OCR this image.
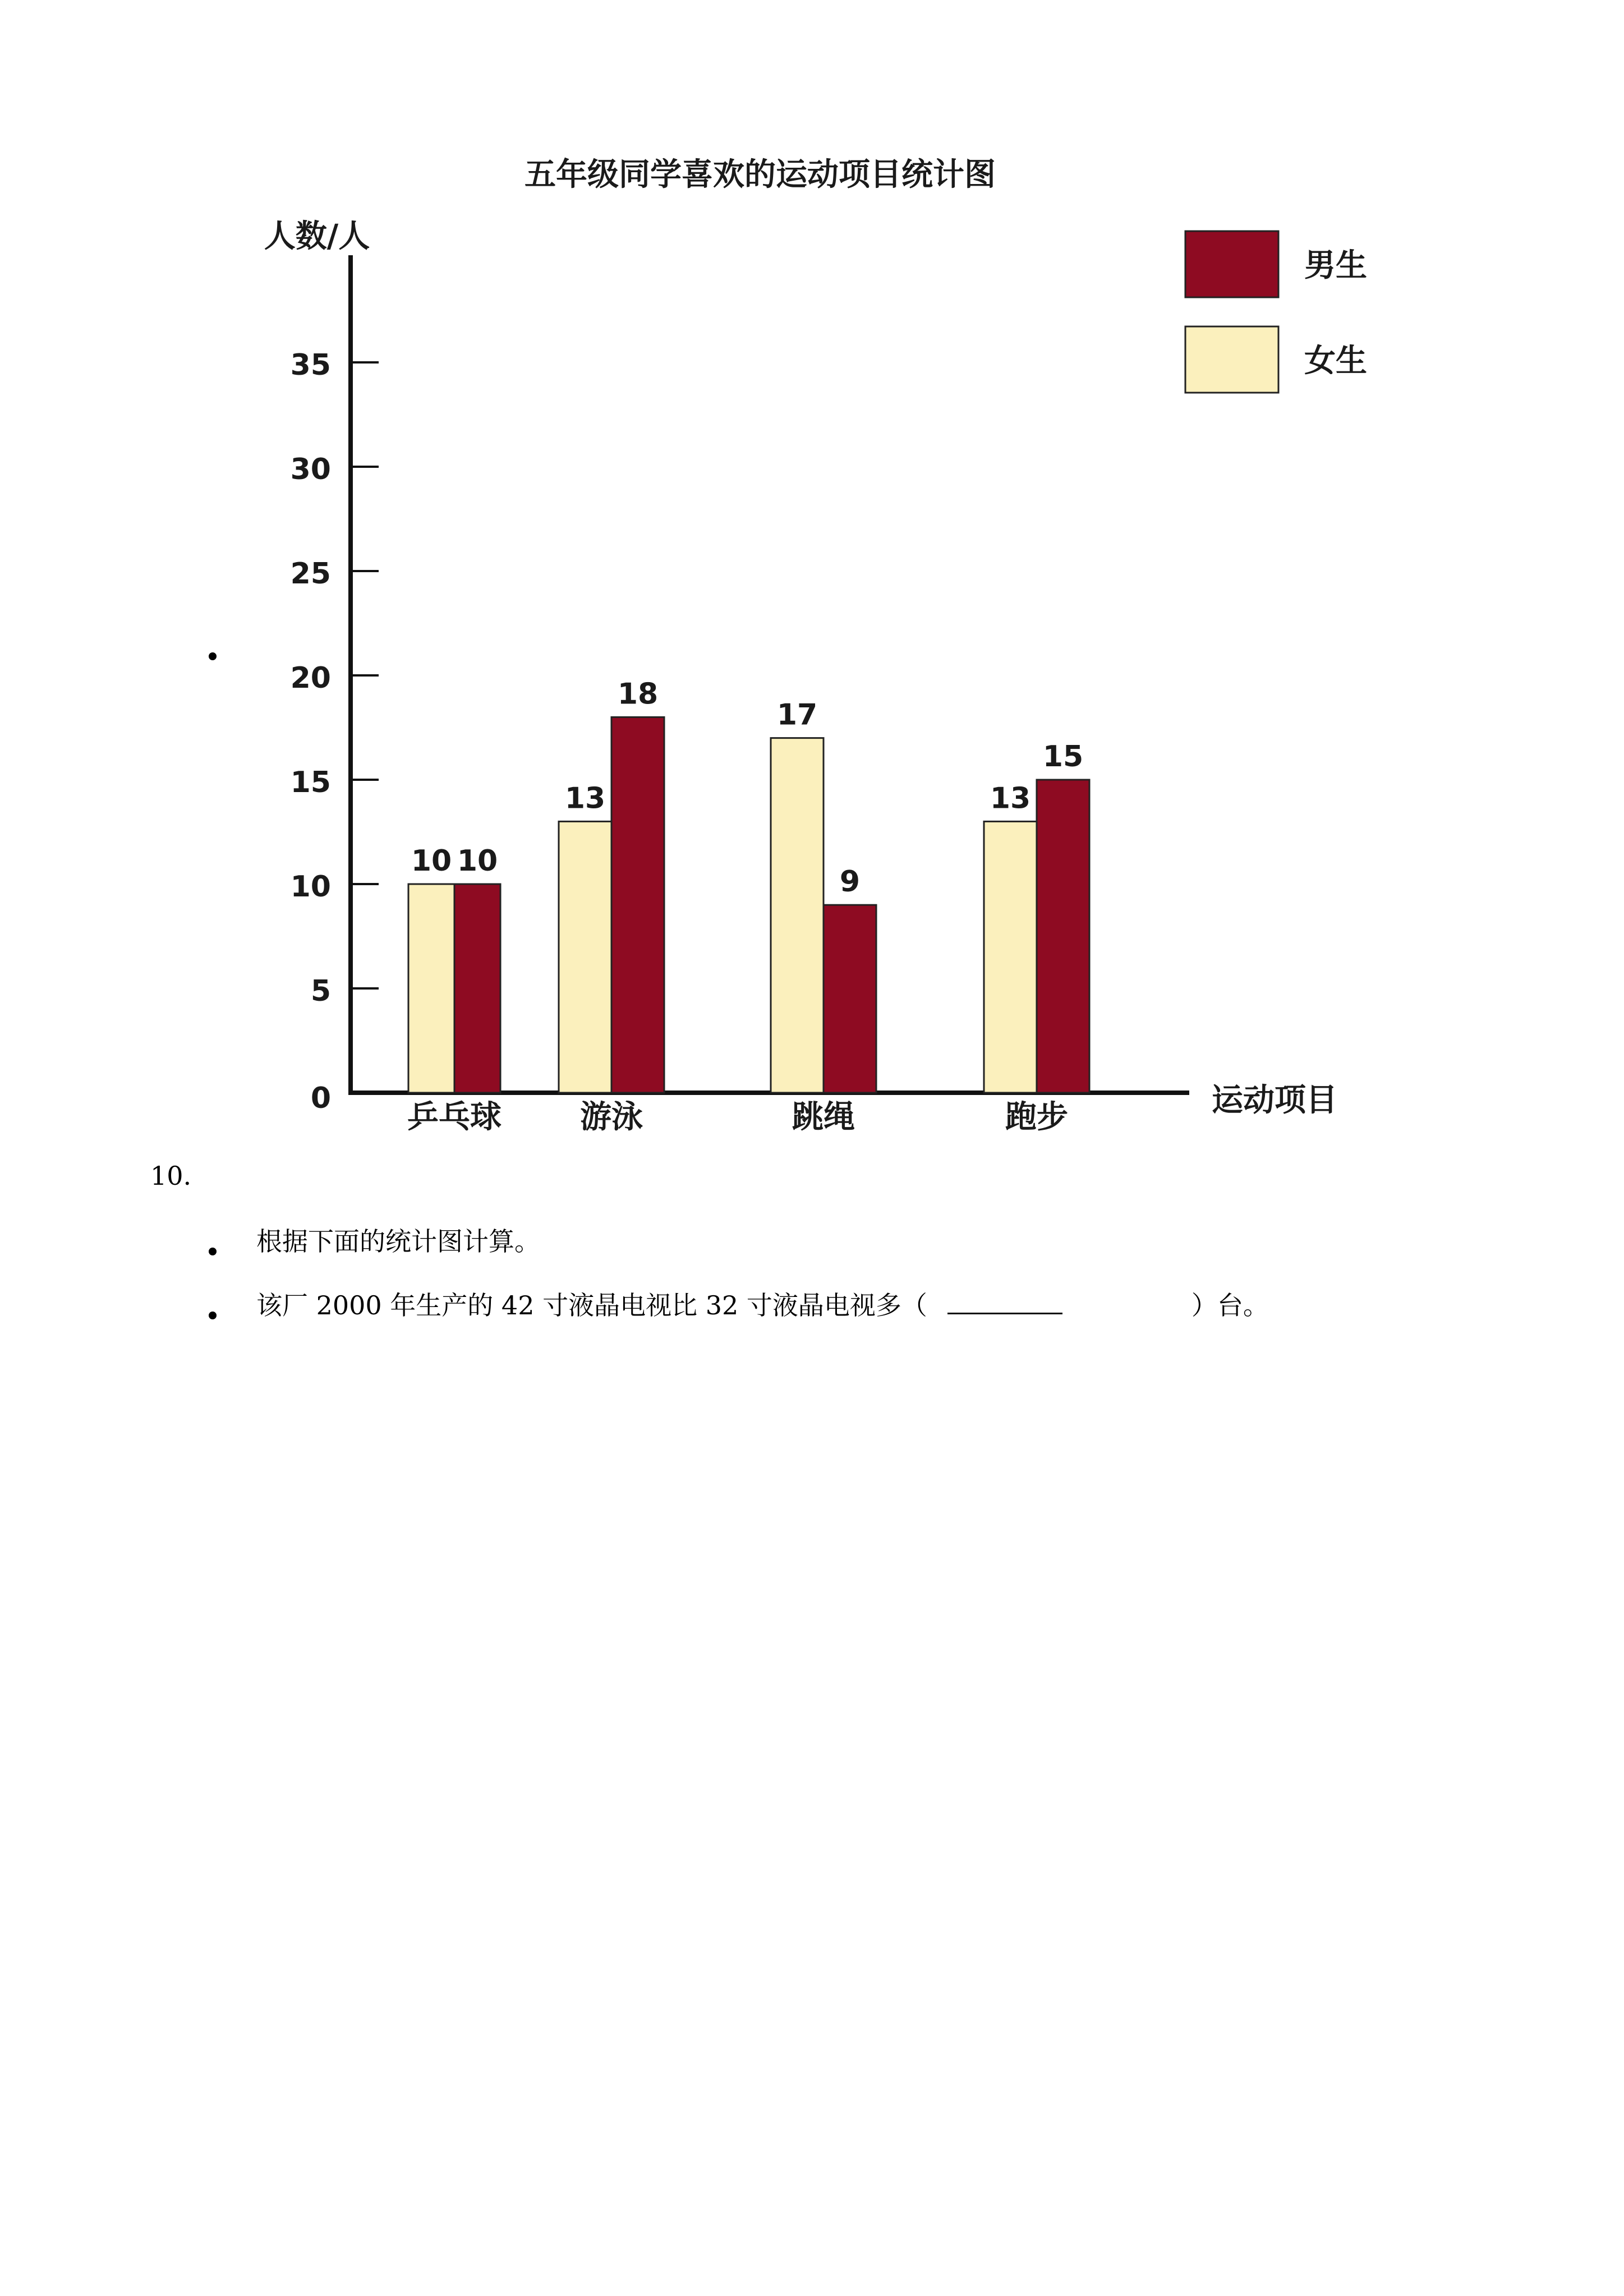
五年级同学喜欢的运动项目统计图
人数/人
运动项目
0
5
10
15
20
25
30
35
10 10
13
18
17
9
13
15
乒乓球	游泳	跳绳	跑步
男生
女生
10.
根据下面的统计图计算。
该厂 2000 年生产的 42 寸液晶电视比 32 寸液晶电视多（	）台。
